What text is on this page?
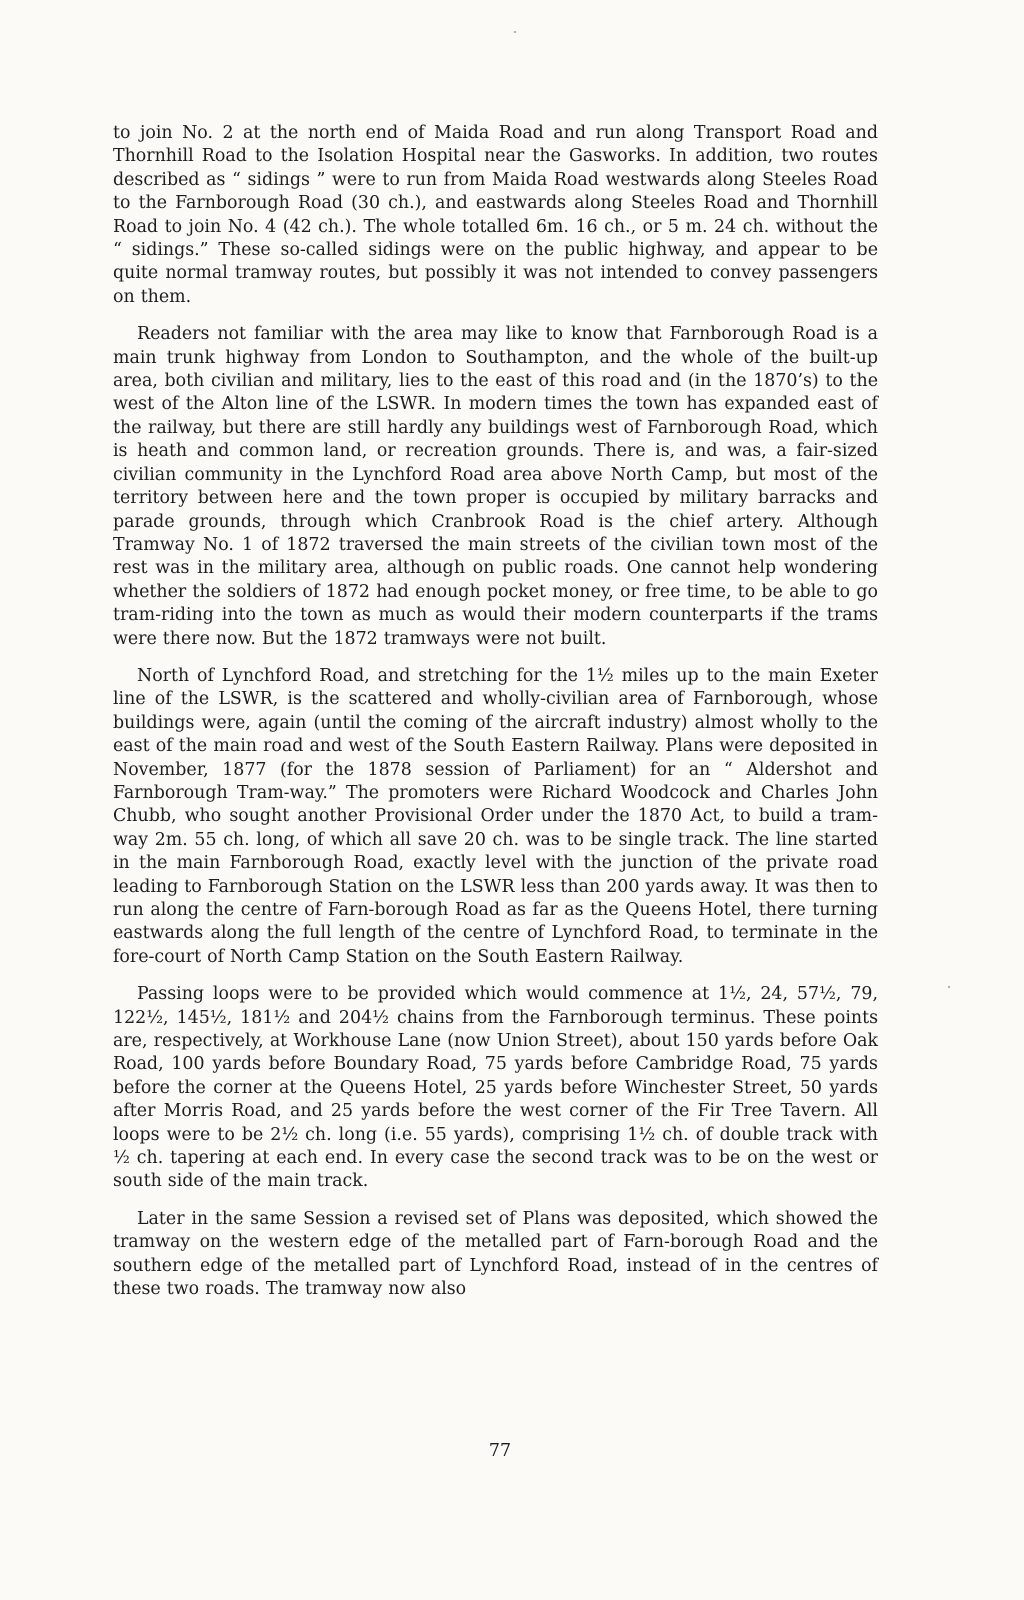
to join No. 2 at the north end of Maida Road and run along Transport Road and Thornhill Road to the Isolation Hospital near the Gasworks. In addition, two routes described as “ sidings ” were to run from Maida Road westwards along Steeles Road to the Farnborough Road (30 ch.), and eastwards along Steeles Road and Thornhill Road to join No. 4 (42 ch.). The whole totalled 6m. 16 ch., or 5 m. 24 ch. without the “ sidings.” These so-called sidings were on the public highway, and appear to be quite normal tramway routes, but possibly it was not intended to convey passengers on them.

Readers not familiar with the area may like to know that Farnborough Road is a main trunk highway from London to Southampton, and the whole of the built-up area, both civilian and military, lies to the east of this road and (in the 1870’s) to the west of the Alton line of the LSWR. In modern times the town has expanded east of the railway, but there are still hardly any buildings west of Farnborough Road, which is heath and common land, or recreation grounds. There is, and was, a fair-sized civilian community in the Lynchford Road area above North Camp, but most of the territory between here and the town proper is occupied by military barracks and parade grounds, through which Cranbrook Road is the chief artery. Although Tramway No. 1 of 1872 traversed the main streets of the civilian town most of the rest was in the military area, although on public roads. One cannot help wondering whether the soldiers of 1872 had enough pocket money, or free time, to be able to go tram-riding into the town as much as would their modern counterparts if the trams were there now. But the 1872 tramways were not built.

North of Lynchford Road, and stretching for the 1½ miles up to the main Exeter line of the LSWR, is the scattered and wholly-civilian area of Farnborough, whose buildings were, again (until the coming of the aircraft industry) almost wholly to the east of the main road and west of the South Eastern Railway. Plans were deposited in November, 1877 (for the 1878 session of Parliament) for an “ Aldershot and Farnborough Tram-way.” The promoters were Richard Woodcock and Charles John Chubb, who sought another Provisional Order under the 1870 Act, to build a tram-way 2m. 55 ch. long, of which all save 20 ch. was to be single track. The line started in the main Farnborough Road, exactly level with the junction of the private road leading to Farnborough Station on the LSWR less than 200 yards away. It was then to run along the centre of Farn-borough Road as far as the Queens Hotel, there turning eastwards along the full length of the centre of Lynchford Road, to terminate in the fore-court of North Camp Station on the South Eastern Railway.

Passing loops were to be provided which would commence at 1½, 24, 57½, 79, 122½, 145½, 181½ and 204½ chains from the Farnborough terminus. These points are, respectively, at Workhouse Lane (now Union Street), about 150 yards before Oak Road, 100 yards before Boundary Road, 75 yards before Cambridge Road, 75 yards before the corner at the Queens Hotel, 25 yards before Winchester Street, 50 yards after Morris Road, and 25 yards before the west corner of the Fir Tree Tavern. All loops were to be 2½ ch. long (i.e. 55 yards), comprising 1½ ch. of double track with ½ ch. tapering at each end. In every case the second track was to be on the west or south side of the main track.

Later in the same Session a revised set of Plans was deposited, which showed the tramway on the western edge of the metalled part of Farn-borough Road and the southern edge of the metalled part of Lynchford Road, instead of in the centres of these two roads. The tramway now also

77
